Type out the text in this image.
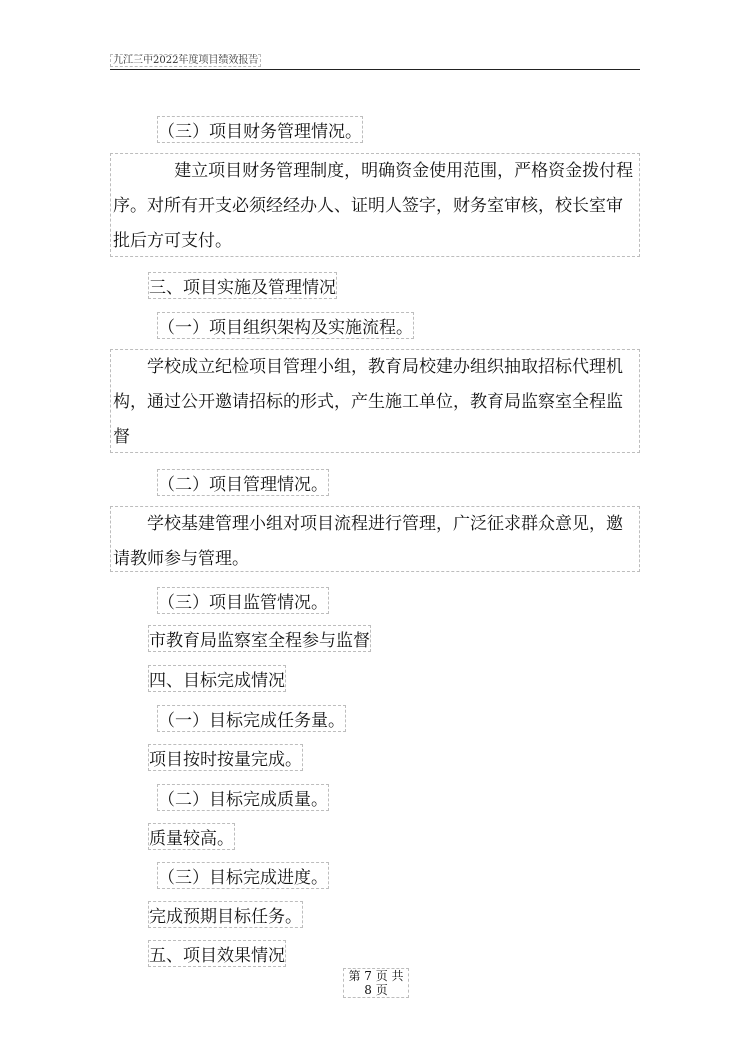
九江三中2022年度项目绩效报告
（三）项目财务管理情况。
建立项目财务管理制度，明确资金使用范围，严格资金拨付程序。对所有开支必须经经办人、证明人签字，财务室审核，校长室审批后方可支付。
三、项目实施及管理情况
（一）项目组织架构及实施流程。
学校成立纪检项目管理小组，教育局校建办组织抽取招标代理机构，通过公开邀请招标的形式，产生施工单位，教育局监察室全程监督
（二）项目管理情况。
学校基建管理小组对项目流程进行管理，广泛征求群众意见，邀请教师参与管理。
（三）项目监管情况。
市教育局监察室全程参与监督
四、目标完成情况
（一）目标完成任务量。
项目按时按量完成。
（二）目标完成质量。
质量较高。
（三）目标完成进度。
完成预期目标任务。
五、项目效果情况
第 7 页 共
8 页
